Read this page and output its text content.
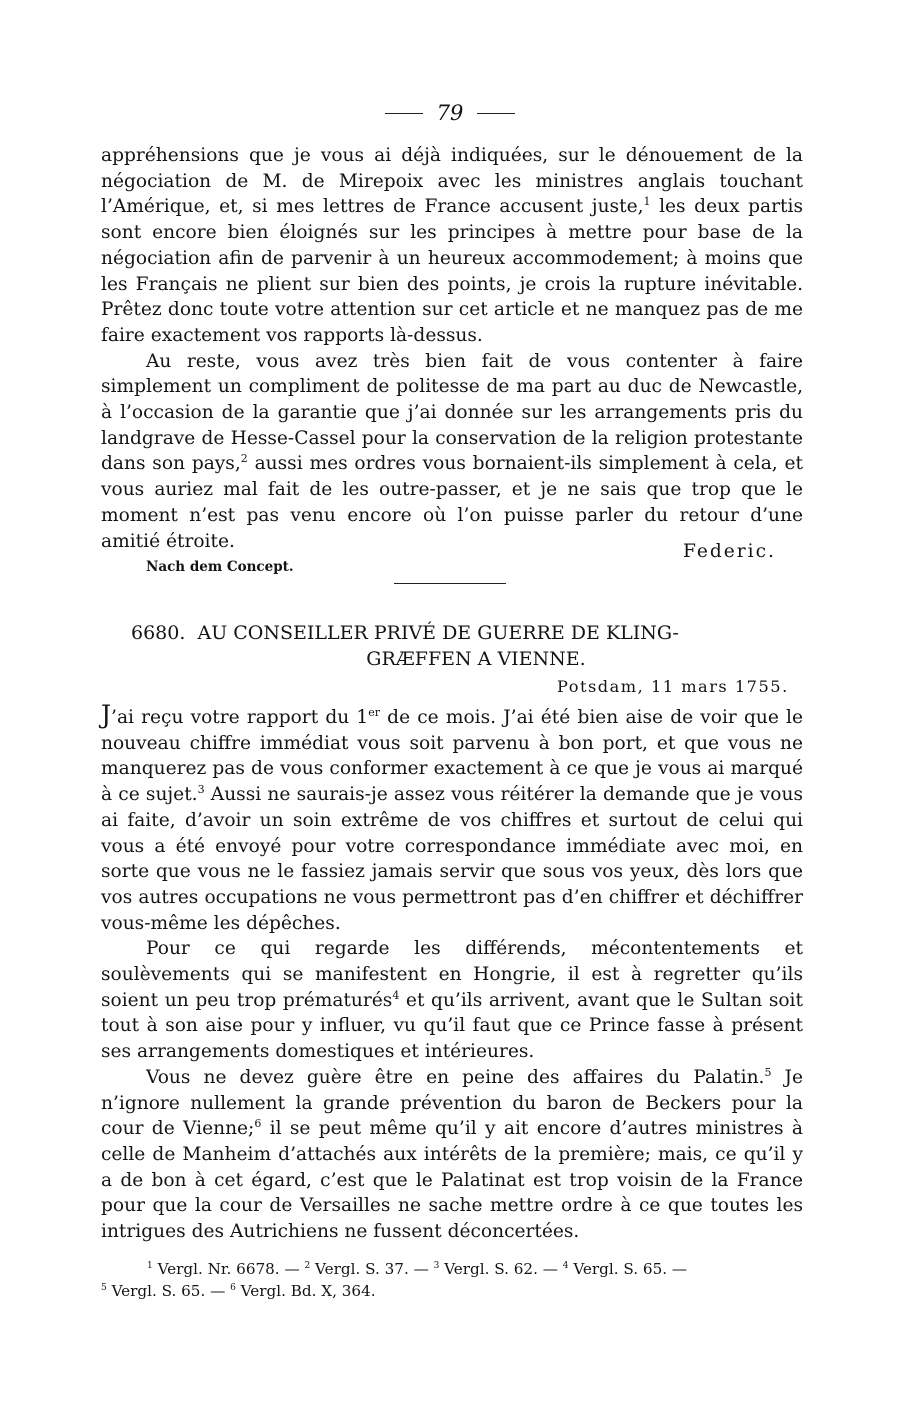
79

appréhensions que je vous ai déjà indiquées, sur le dénouement de la négociation de M. de Mirepoix avec les ministres anglais touchant l’Amérique, et, si mes lettres de France accusent juste,$^1$ les deux partis sont encore bien éloignés sur les principes à mettre pour base de la négociation afin de parvenir à un heureux accommodement; à moins que les Français ne plient sur bien des points, je crois la rupture inévitable. Prêtez donc toute votre attention sur cet article et ne manquez pas de me faire exactement vos rapports là-dessus.

Au reste, vous avez très bien fait de vous contenter à faire simplement un compliment de politesse de ma part au duc de Newcastle, à l’occasion de la garantie que j’ai donnée sur les arrangements pris du landgrave de Hesse-Cassel pour la conservation de la religion protestante dans son pays,$^2$ aussi mes ordres vous bornaient-ils simplement à cela, et vous auriez mal fait de les outre-passer, et je ne sais que trop que le moment n’est pas venu encore où l’on puisse parler du retour d’une amitié étroite.	Federic.
Nach dem Concept.
6680. AU CONSEILLER PRIVÉ DE GUERRE DE KLING-
GRÆFFEN A VIENNE.
Potsdam, 11 mars 1755.

J’ai reçu votre rapport du 1er de ce mois. J’ai été bien aise de voir que le nouveau chiffre immédiat vous soit parvenu à bon port, et que vous ne manquerez pas de vous conformer exactement à ce que je vous ai marqué à ce sujet.$^3$ Aussi ne saurais-je assez vous réitérer la demande que je vous ai faite, d’avoir un soin extrême de vos chiffres et surtout de celui qui vous a été envoyé pour votre correspondance immédiate avec moi, en sorte que vous ne le fassiez jamais servir que sous vos yeux, dès lors que vos autres occupations ne vous permettront pas d’en chiffrer et déchiffrer vous-même les dépêches.

Pour ce qui regarde les différends, mécontentements et soulèvements qui se manifestent en Hongrie, il est à regretter qu’ils soient un peu trop prématurés$^4$ et qu’ils arrivent, avant que le Sultan soit tout à son aise pour y influer, vu qu’il faut que ce Prince fasse à présent ses arrangements domestiques et intérieures.

Vous ne devez guère être en peine des affaires du Palatin.$^5$ Je n’ignore nullement la grande prévention du baron de Beckers pour la cour de Vienne;$^6$ il se peut même qu’il y ait encore d’autres ministres à celle de Manheim d’attachés aux intérêts de la première; mais, ce qu’il y a de bon à cet égard, c’est que le Palatinat est trop voisin de la France pour que la cour de Versailles ne sache mettre ordre à ce que toutes les intrigues des Autrichiens ne fussent déconcertées.

$^1$ Vergl. Nr. 6678. — $^2$ Vergl. S. 37. — $^3$ Vergl. S. 62. — $^4$ Vergl. S. 65. —

$^5$ Vergl. S. 65. — $^6$ Vergl. Bd. X, 364.
